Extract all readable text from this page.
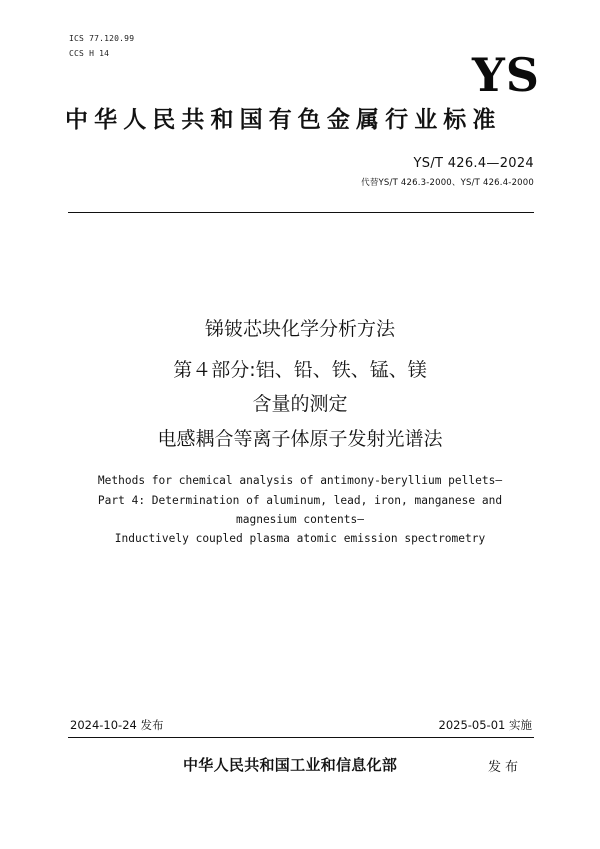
ICS 77.120.99
CCS H 14	YS
中华人民共和国有色金属行业标准
YS/T 426.4—2024
代替YS/T 426.3-2000、YS/T 426.4-2000
锑铍芯块化学分析方法
第４部分:铝、铅、铁、锰、镁
含量的测定
电感耦合等离子体原子发射光谱法
Methods for chemical analysis of antimony-beryllium pellets—
Part 4: Determination of aluminum, lead, iron, manganese and
magnesium contents—
Inductively coupled plasma atomic emission spectrometry
2024-10-24 发布	2025-05-01 实施
中华人民共和国工业和信息化部	发布
